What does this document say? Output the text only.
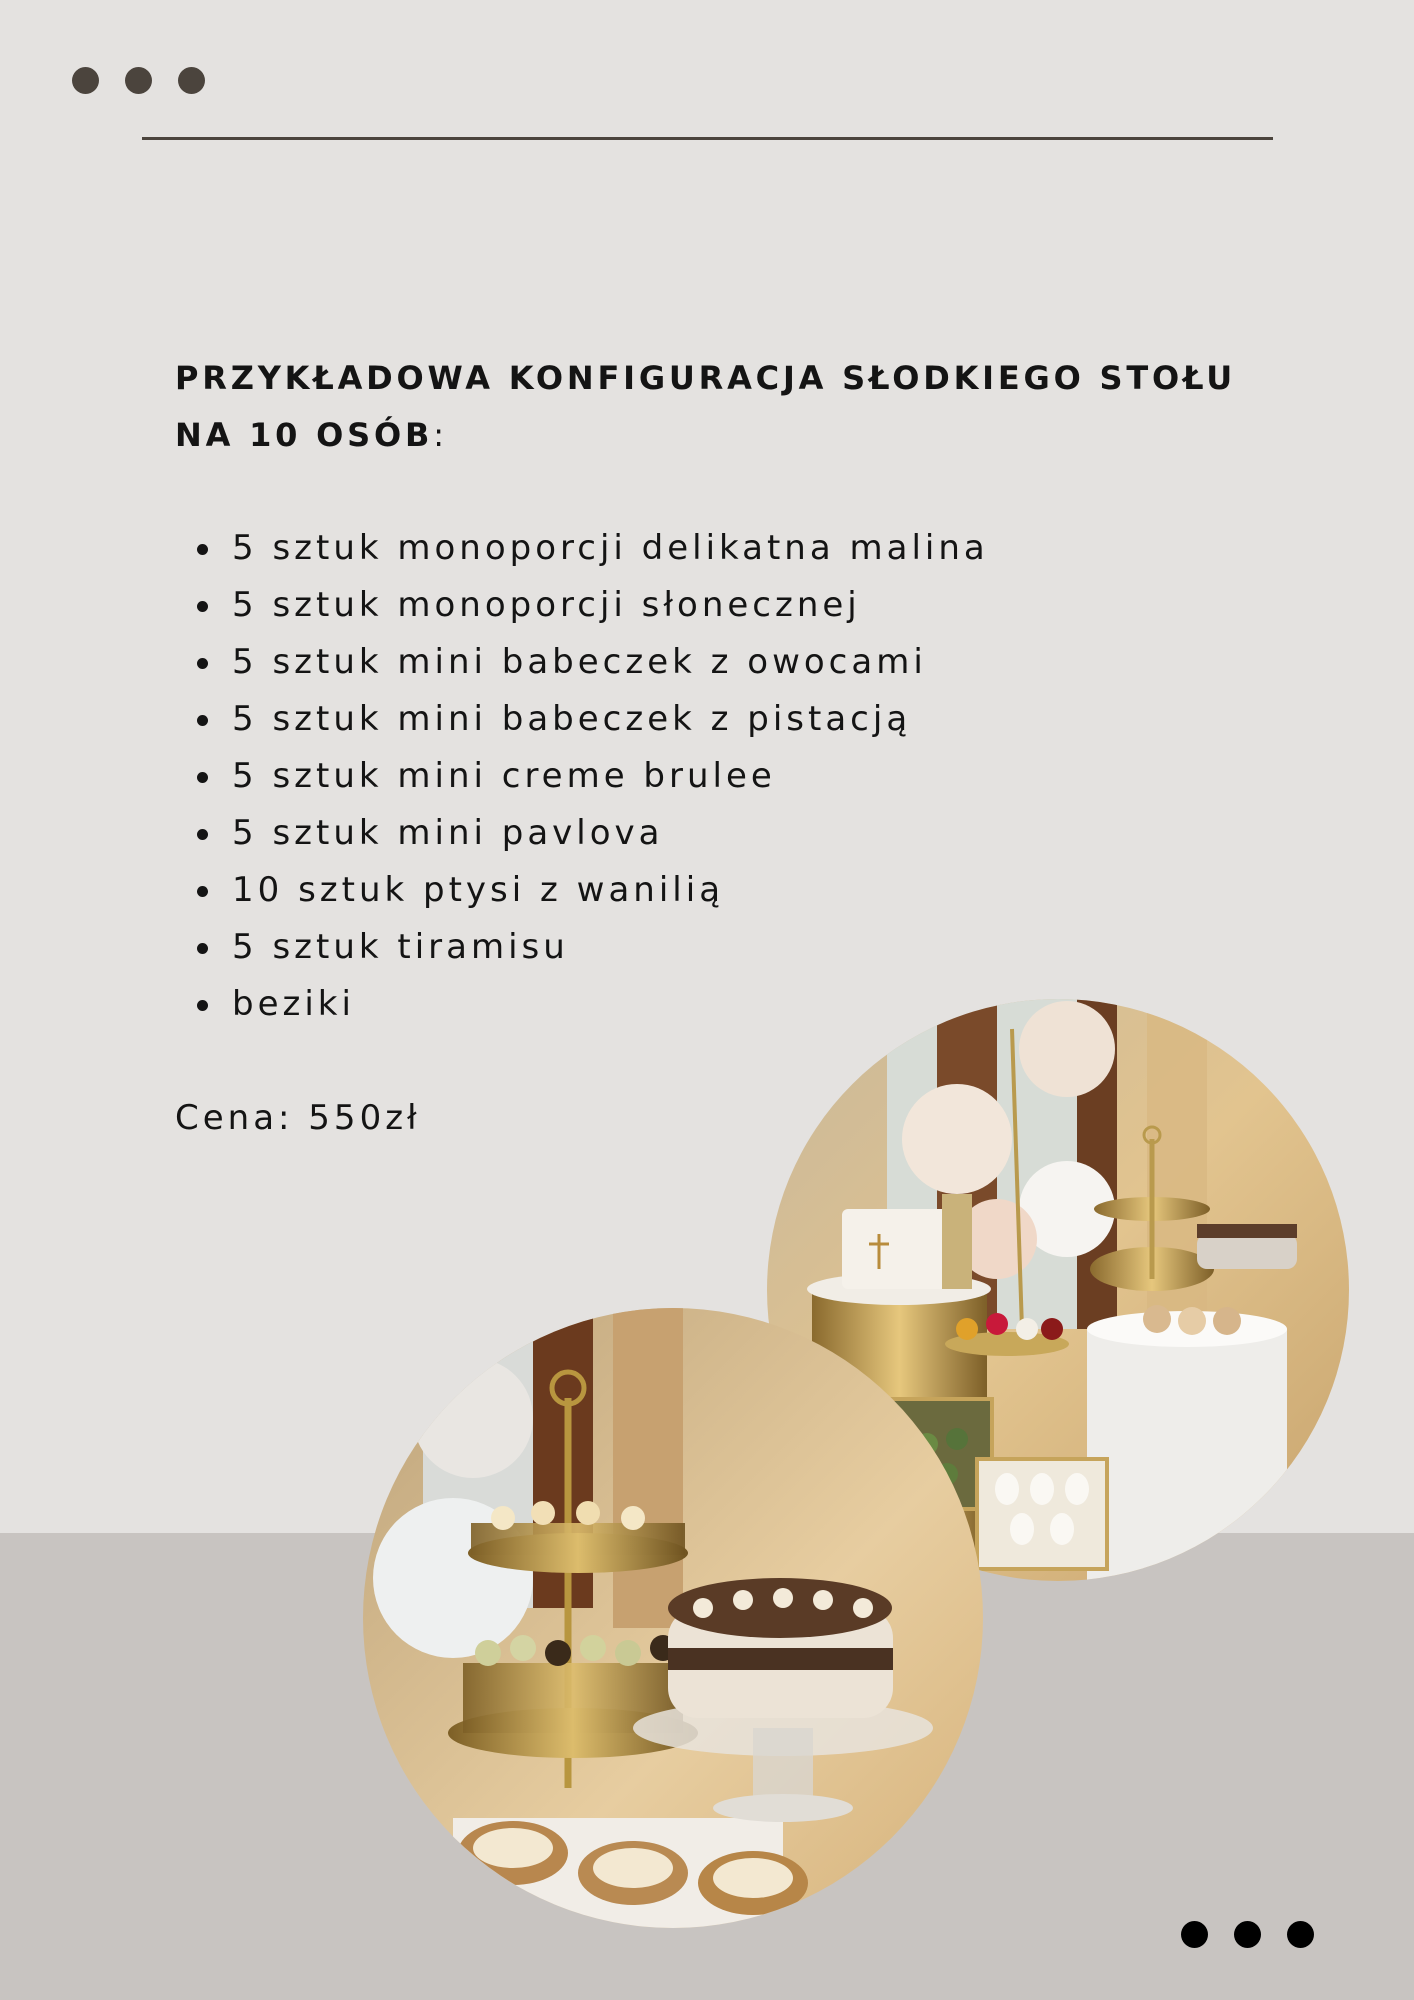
PRZYKŁADOWA KONFIGURACJA SŁODKIEGO STOŁU
NA 10 OSÓB:
5 sztuk monoporcji delikatna malina
5 sztuk monoporcji słonecznej
5 sztuk mini babeczek z owocami
5 sztuk mini babeczek z pistacją
5 sztuk mini creme brulee
5 sztuk mini pavlova
10 sztuk ptysi z wanilią
5 sztuk tiramisu
beziki

Cena: 550zł
